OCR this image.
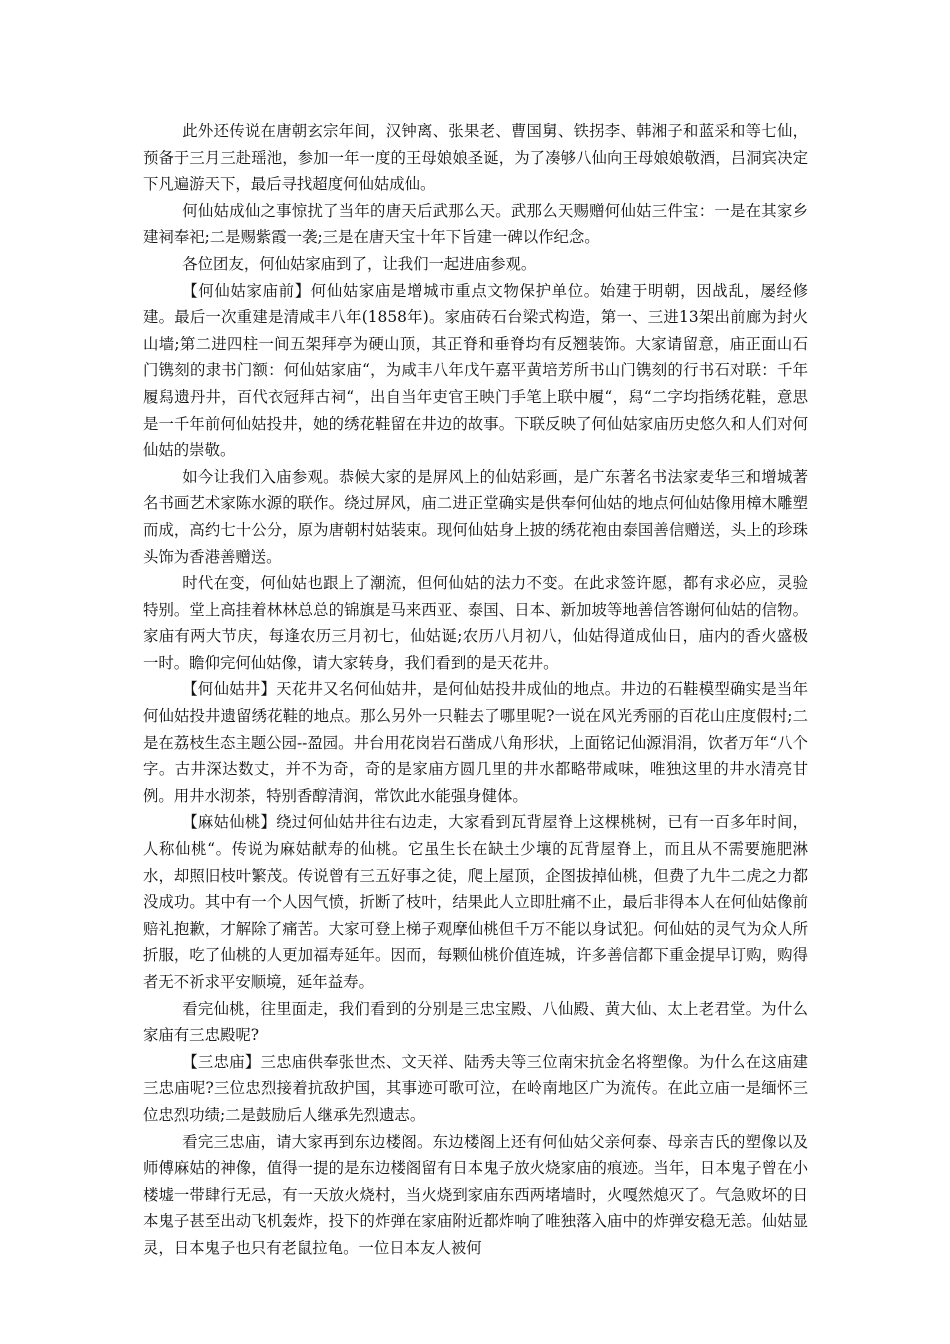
此外还传说在唐朝玄宗年间，汉钟离、张果老、曹国舅、铁拐李、韩湘子和蓝采和等七仙，预备于三月三赴瑶池，参加一年一度的王母娘娘圣诞，为了凑够八仙向王母娘娘敬酒，吕洞宾决定下凡遍游天下，最后寻找超度何仙姑成仙。

何仙姑成仙之事惊扰了当年的唐天后武那么天。武那么天赐赠何仙姑三件宝：一是在其家乡建祠奉祀;二是赐紫霞一袭;三是在唐天宝十年下旨建一碑以作纪念。

各位团友，何仙姑家庙到了，让我们一起进庙参观。

【何仙姑家庙前】何仙姑家庙是增城市重点文物保护单位。始建于明朝，因战乱，屡经修建。最后一次重建是清咸丰八年(1858年)。家庙砖石台梁式构造，第一、三进13架出前廊为封火山墙;第二进四柱一间五架拜亭为硬山顶，其正脊和垂脊均有反翘装饰。大家请留意，庙正面山石门镌刻的隶书门额：何仙姑家庙“，为咸丰八年戊午嘉平黄培芳所书山门镌刻的行书石对联：千年履舄遗丹井，百代衣冠拜古祠“，出自当年吏官王映门手笔上联中履“，舄“二字均指绣花鞋，意思是一千年前何仙姑投井，她的绣花鞋留在井边的故事。下联反映了何仙姑家庙历史悠久和人们对何仙姑的崇敬。

如今让我们入庙参观。恭候大家的是屏风上的仙姑彩画，是广东著名书法家麦华三和增城著名书画艺术家陈水源的联作。绕过屏风，庙二进正堂确实是供奉何仙姑的地点何仙姑像用樟木雕塑而成，高约七十公分，原为唐朝村姑装束。现何仙姑身上披的绣花袍由泰国善信赠送，头上的珍珠头饰为香港善赠送。

时代在变，何仙姑也跟上了潮流，但何仙姑的法力不变。在此求签许愿，都有求必应，灵验特别。堂上高挂着林林总总的锦旗是马来西亚、泰国、日本、新加坡等地善信答谢何仙姑的信物。家庙有两大节庆，每逢农历三月初七，仙姑诞;农历八月初八，仙姑得道成仙日，庙内的香火盛极一时。瞻仰完何仙姑像，请大家转身，我们看到的是天花井。

【何仙姑井】天花井又名何仙姑井，是何仙姑投井成仙的地点。井边的石鞋模型确实是当年何仙姑投井遗留绣花鞋的地点。那么另外一只鞋去了哪里呢?一说在风光秀丽的百花山庄度假村;二是在荔枝生态主题公园--盈园。井台用花岗岩石凿成八角形状，上面铭记仙源涓涓，饮者万年“八个字。古井深达数丈，并不为奇，奇的是家庙方圆几里的井水都略带咸味，唯独这里的井水清亮甘例。用井水沏茶，特别香醇清润，常饮此水能强身健体。

【麻姑仙桃】绕过何仙姑井往右边走，大家看到瓦背屋脊上这棵桃树，已有一百多年时间，人称仙桃“。传说为麻姑献寿的仙桃。它虽生长在缺土少壤的瓦背屋脊上，而且从不需要施肥淋水，却照旧枝叶繁茂。传说曾有三五好事之徒，爬上屋顶，企图拔掉仙桃，但费了九牛二虎之力都没成功。其中有一个人因气愤，折断了枝叶，结果此人立即肚痛不止，最后非得本人在何仙姑像前赔礼抱歉，才解除了痛苦。大家可登上梯子观摩仙桃但千万不能以身试犯。何仙姑的灵气为众人所折服，吃了仙桃的人更加福寿延年。因而，每颗仙桃价值连城，许多善信都下重金提早订购，购得者无不祈求平安顺境，延年益寿。

看完仙桃，往里面走，我们看到的分别是三忠宝殿、八仙殿、黄大仙、太上老君堂。为什么家庙有三忠殿呢?

【三忠庙】三忠庙供奉张世杰、文天祥、陆秀夫等三位南宋抗金名将塑像。为什么在这庙建三忠庙呢?三位忠烈接着抗敌护国，其事迹可歌可泣，在岭南地区广为流传。在此立庙一是缅怀三位忠烈功绩;二是鼓励后人继承先烈遗志。

看完三忠庙，请大家再到东边楼阁。东边楼阁上还有何仙姑父亲何泰、母亲吉氏的塑像以及师傅麻姑的神像，值得一提的是东边楼阁留有日本鬼子放火烧家庙的痕迹。当年，日本鬼子曾在小楼墟一带肆行无忌，有一天放火烧村，当火烧到家庙东西两堵墙时，火嘎然熄灭了。气急败坏的日本鬼子甚至出动飞机轰炸，投下的炸弹在家庙附近都炸响了唯独落入庙中的炸弹安稳无恙。仙姑显灵，日本鬼子也只有老鼠拉龟。一位日本友人被何
